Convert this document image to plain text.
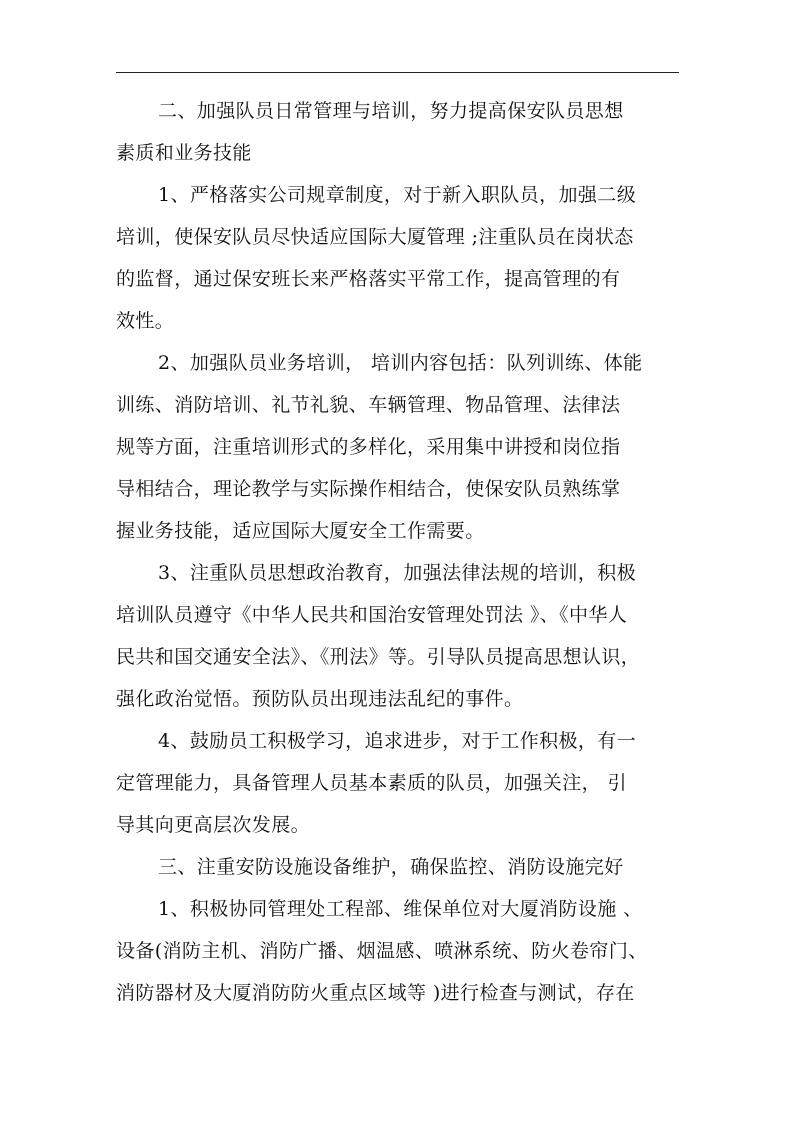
二、加强队员日常管理与培训，努力提高保安队员思想
素质和业务技能
1、严格落实公司规章制度，对于新入职队员，加强二级
培训，使保安队员尽快适应国际大厦管理 ;注重队员在岗状态
的监督，通过保安班长来严格落实平常工作，提高管理的有
效性。
2、加强队员业务培训， 培训内容包括：队列训练、体能
训练、消防培训、礼节礼貌、车辆管理、物品管理、法律法
规等方面，注重培训形式的多样化，采用集中讲授和岗位指
导相结合，理论教学与实际操作相结合，使保安队员熟练掌
握业务技能，适应国际大厦安全工作需要。
3、注重队员思想政治教育，加强法律法规的培训，积极
培训队员遵守《中华人民共和国治安管理处罚法 》、《中华人
民共和国交通安全法》、《刑法》等。引导队员提高思想认识，
强化政治觉悟。预防队员出现违法乱纪的事件。
4、鼓励员工积极学习，追求进步，对于工作积极，有一
定管理能力，具备管理人员基本素质的队员，加强关注， 引
导其向更高层次发展。
三、注重安防设施设备维护，确保监控、消防设施完好
1、积极协同管理处工程部、维保单位对大厦消防设施 、
设备(消防主机、消防广播、烟温感、喷淋系统、防火卷帘门、
消防器材及大厦消防防火重点区域等 )进行检查与测试，存在
